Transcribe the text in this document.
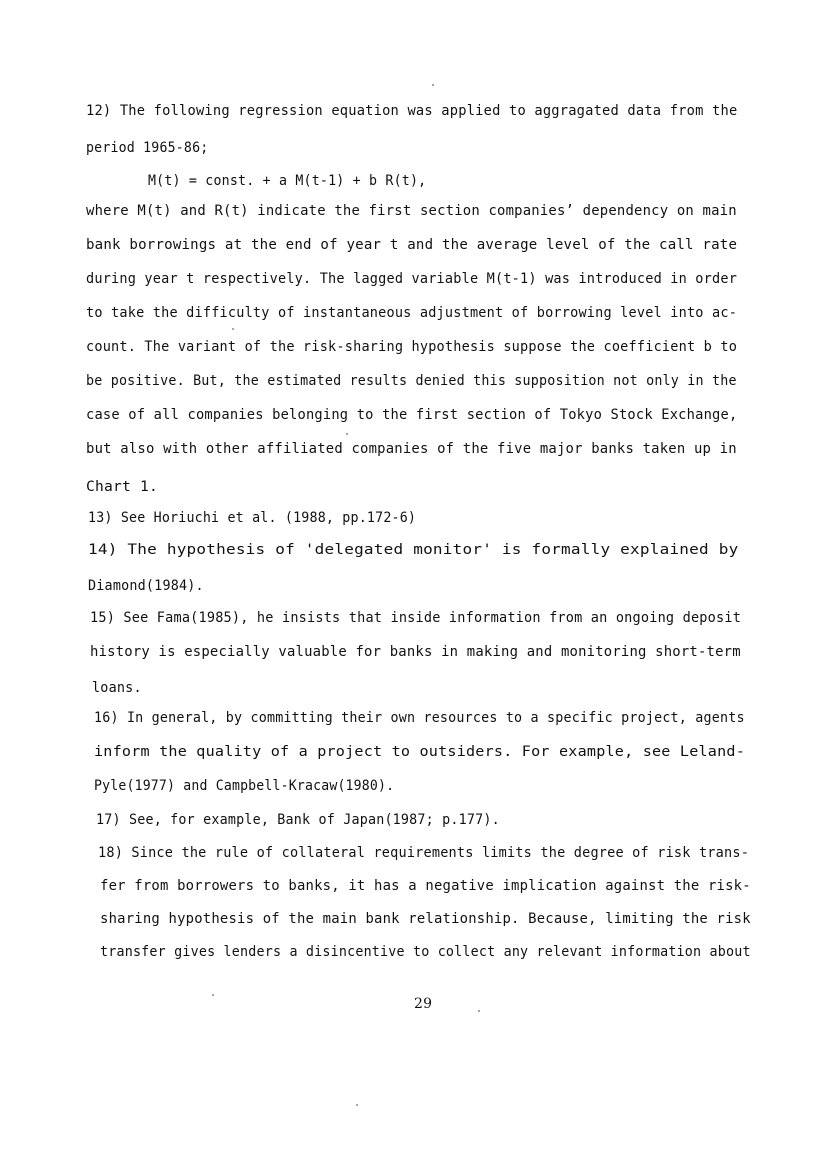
12) The following regression equation was applied to aggragated data from the
period 1965-86;
M(t) = const. + a M(t-1) + b R(t),
where M(t) and R(t) indicate the first section companies’ dependency on main
bank borrowings at the end of year t and the average level of the call rate
during year t respectively. The lagged variable M(t-1) was introduced in order
to take the difficulty of instantaneous adjustment of borrowing level into ac-
count. The variant of the risk-sharing hypothesis suppose the coefficient b to
be positive. But, the estimated results denied this supposition not only in the
case of all companies belonging to the first section of Tokyo Stock Exchange,
but also with other affiliated companies of the five major banks taken up in
Chart 1.
13) See Horiuchi et al. (1988, pp.172-6)
14) The hypothesis of 'delegated monitor' is formally explained by
Diamond(1984).
15) See Fama(1985), he insists that inside information from an ongoing deposit
history is especially valuable for banks in making and monitoring short-term
loans.
16) In general, by committing their own resources to a specific project, agents
inform the quality of a project to outsiders. For example, see Leland-
Pyle(1977) and Campbell-Kracaw(1980).
17) See, for example, Bank of Japan(1987; p.177).
18) Since the rule of collateral requirements limits the degree of risk trans-
fer from borrowers to banks, it has a negative implication against the risk-
sharing hypothesis of the main bank relationship. Because, limiting the risk
transfer gives lenders a disincentive to collect any relevant information about
29
